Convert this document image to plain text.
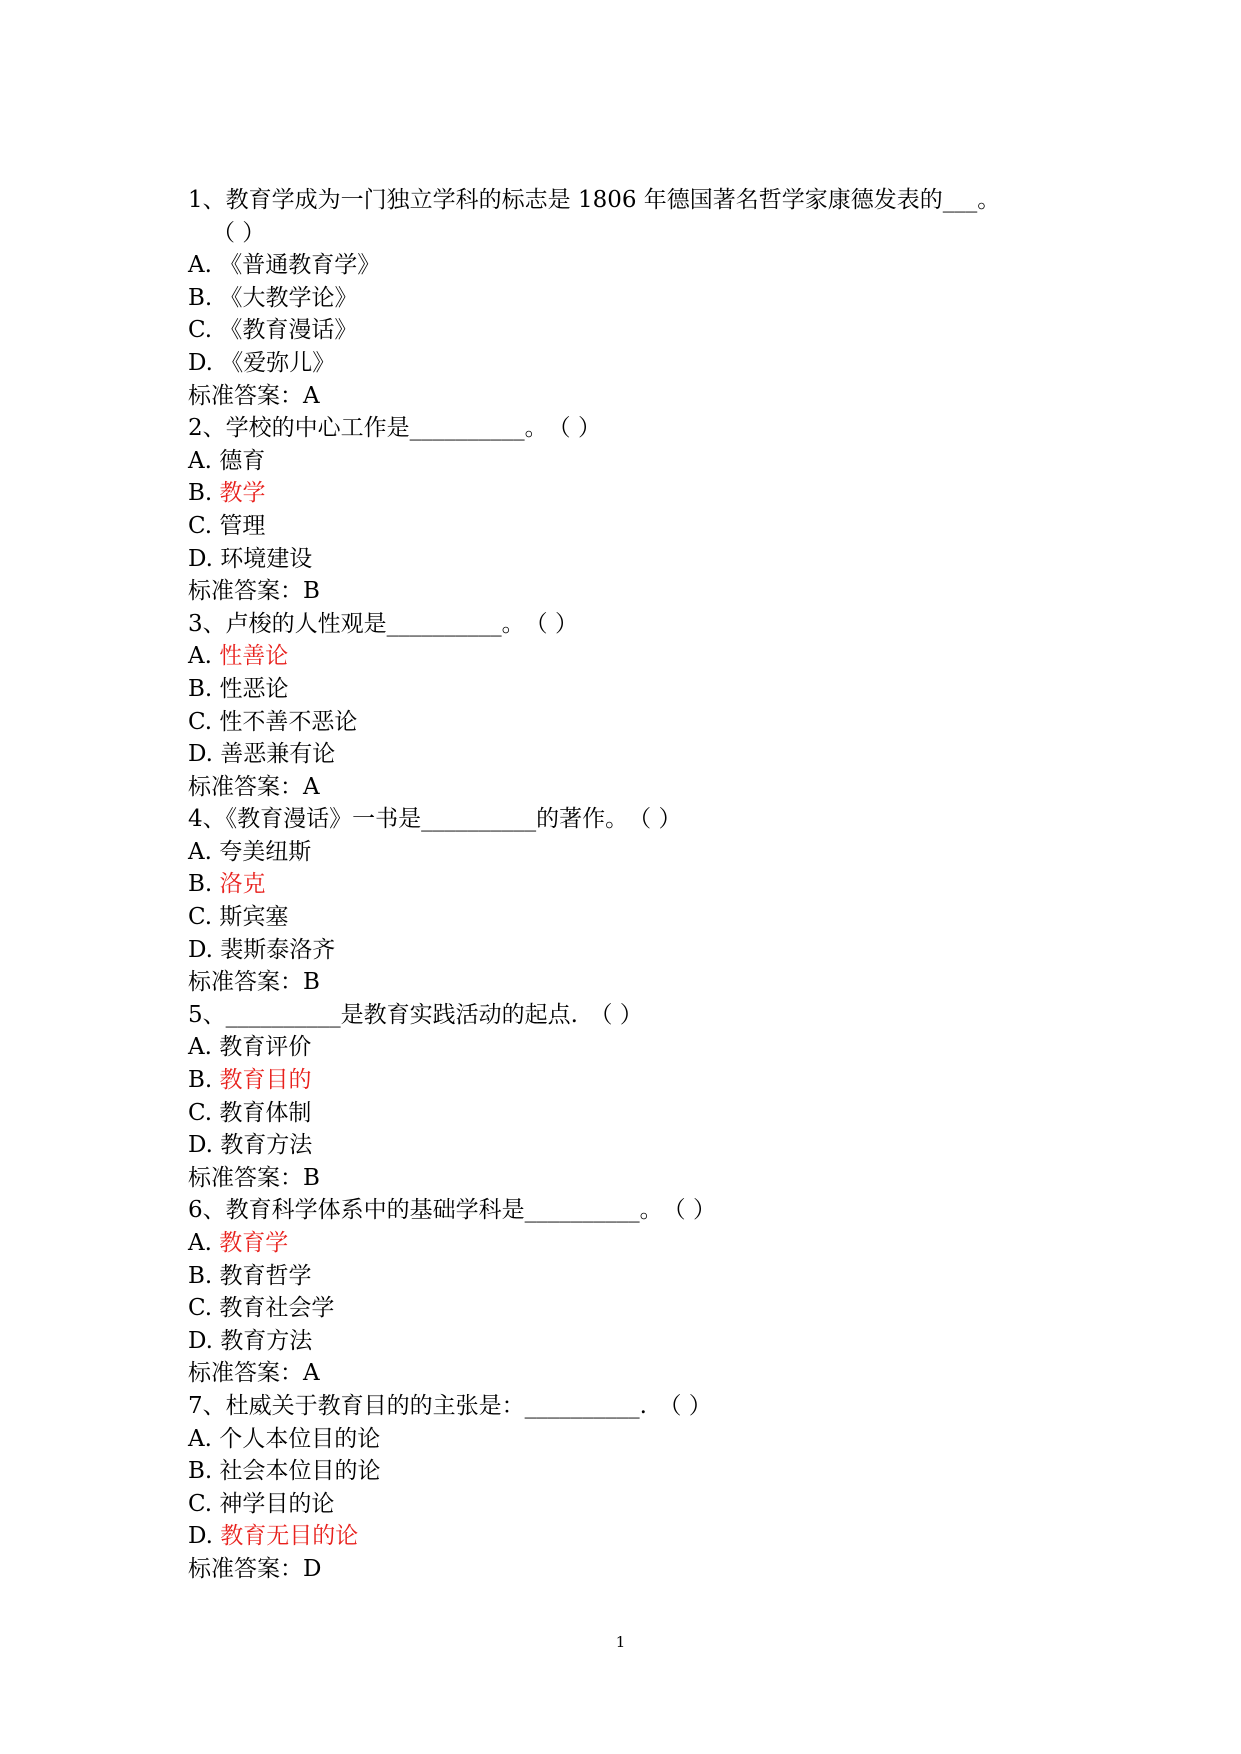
1、教育学成为一门独立学科的标志是 1806 年德国著名哲学家康德发表的___。
（ ）
A. 《普通教育学》
B. 《大教学论》
C. 《教育漫话》
D. 《爱弥儿》
标准答案：A
2、学校的中心工作是__________。　（ ）
A. 德育
B. 教学
C. 管理
D. 环境建设
标准答案：B
3、卢梭的人性观是__________。　（ ）
A. 性善论
B. 性恶论
C. 性不善不恶论
D. 善恶兼有论
标准答案：A
4、《教育漫话》一书是__________的著作。　（ ）
A. 夸美纽斯
B. 洛克
C. 斯宾塞
D. 裴斯泰洛齐
标准答案：B
5、__________是教育实践活动的起点.　（ ）
A. 教育评价
B. 教育目的
C. 教育体制
D. 教育方法
标准答案：B
6、教育科学体系中的基础学科是__________。　（ ）
A. 教育学
B. 教育哲学
C. 教育社会学
D. 教育方法
标准答案：A
7、杜威关于教育目的的主张是：__________.　（ ）
A. 个人本位目的论
B. 社会本位目的论
C. 神学目的论
D. 教育无目的论
标准答案：D
1
